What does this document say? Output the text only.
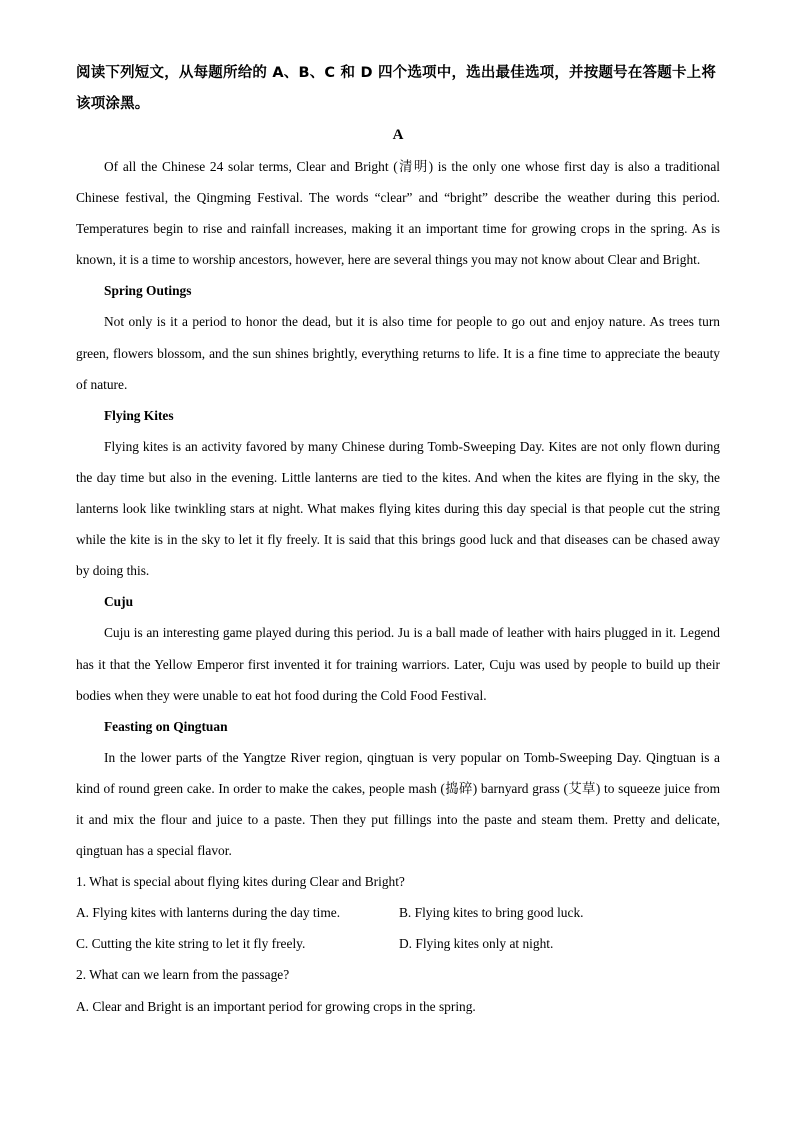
阅读下列短文，从每题所给的 A、B、C 和 D 四个选项中，选出最佳选项，并按题号在答题卡上将该项涂黑。

A

Of all the Chinese 24 solar terms, Clear and Bright (清明) is the only one whose first day is also a traditional Chinese festival, the Qingming Festival. The words “clear” and “bright” describe the weather during this period. Temperatures begin to rise and rainfall increases, making it an important time for growing crops in the spring. As is known, it is a time to worship ancestors, however, here are several things you may not know about Clear and Bright.

Spring Outings

Not only is it a period to honor the dead, but it is also time for people to go out and enjoy nature. As trees turn green, flowers blossom, and the sun shines brightly, everything returns to life. It is a fine time to appreciate the beauty of nature.

Flying Kites

Flying kites is an activity favored by many Chinese during Tomb-Sweeping Day. Kites are not only flown during the day time but also in the evening. Little lanterns are tied to the kites. And when the kites are flying in the sky, the lanterns look like twinkling stars at night. What makes flying kites during this day special is that people cut the string while the kite is in the sky to let it fly freely. It is said that this brings good luck and that diseases can be chased away by doing this.

Cuju

Cuju is an interesting game played during this period. Ju is a ball made of leather with hairs plugged in it. Legend has it that the Yellow Emperor first invented it for training warriors. Later, Cuju was used by people to build up their bodies when they were unable to eat hot food during the Cold Food Festival.

Feasting on Qingtuan

In the lower parts of the Yangtze River region, qingtuan is very popular on Tomb-Sweeping Day. Qingtuan is a kind of round green cake. In order to make the cakes, people mash (捣碎) barnyard grass (艾草) to squeeze juice from it and mix the flour and juice to a paste. Then they put fillings into the paste and steam them. Pretty and delicate, qingtuan has a special flavor.

1. What is special about flying kites during Clear and Bright?

A. Flying kites with lanterns during the day time.	B. Flying kites to bring good luck.
C. Cutting the kite string to let it fly freely.	D. Flying kites only at night.

2. What can we learn from the passage?

A. Clear and Bright is an important period for growing crops in the spring.
